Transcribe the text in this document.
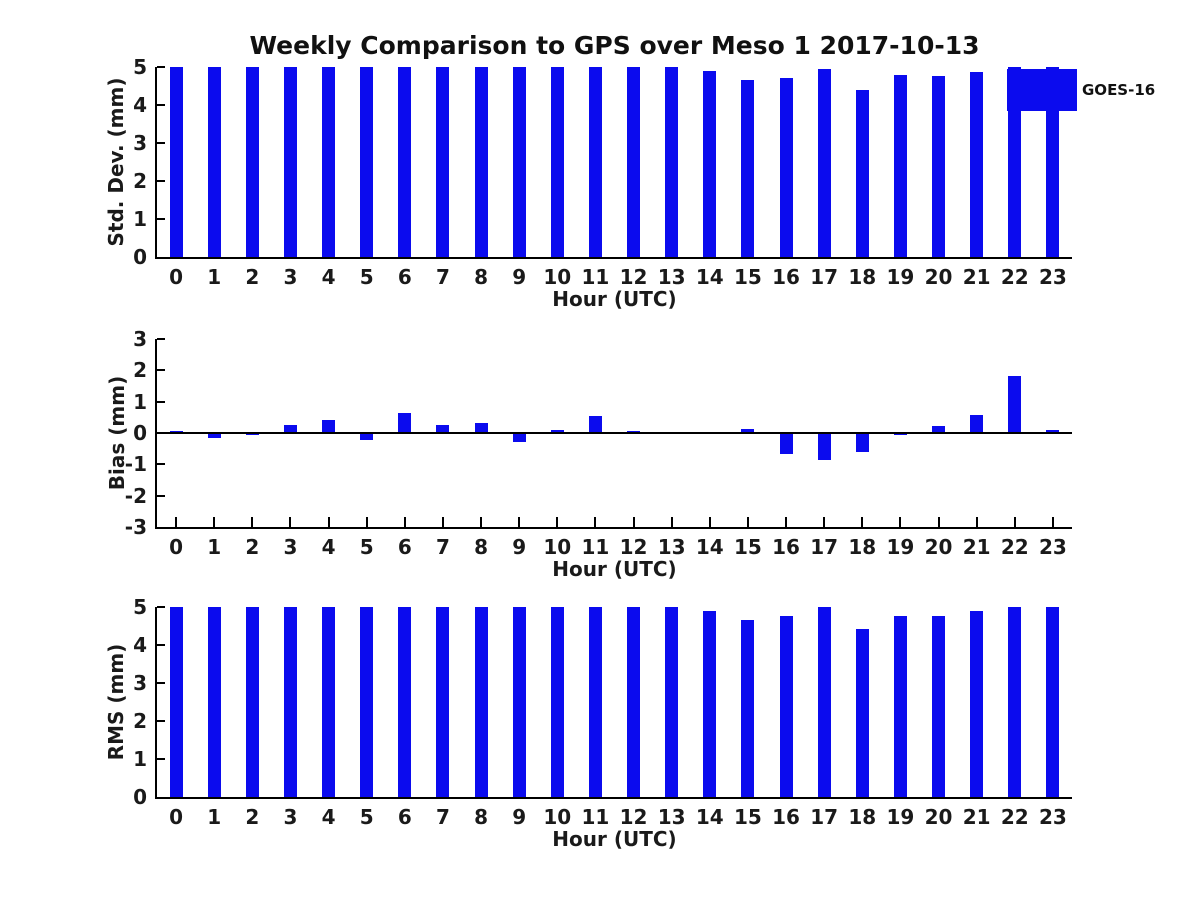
Weekly Comparison to GPS over Meso 1 2017-10-13
0
1
2
3
4
5
0	1	2	3	4	5	6	7	8	9 10 11 12 13 14 15 16 17 18 19 20 21 22 23
3
2
1
0
-1
-2
-3
0	1	2	3	4	5	6	7	8	9 10 11 12 13 14 15 16 17 18 19 20 21 22 23
0
1
2
3
4
5
0	1	2	3	4	5	6	7	8	9 10 11 12 13 14 15 16 17 18 19 20 21 22 23
GOES-16
Std. Dev. (mm)
Bias (mm)
RMS (mm)
Hour (UTC)
Hour (UTC)
Hour (UTC)
